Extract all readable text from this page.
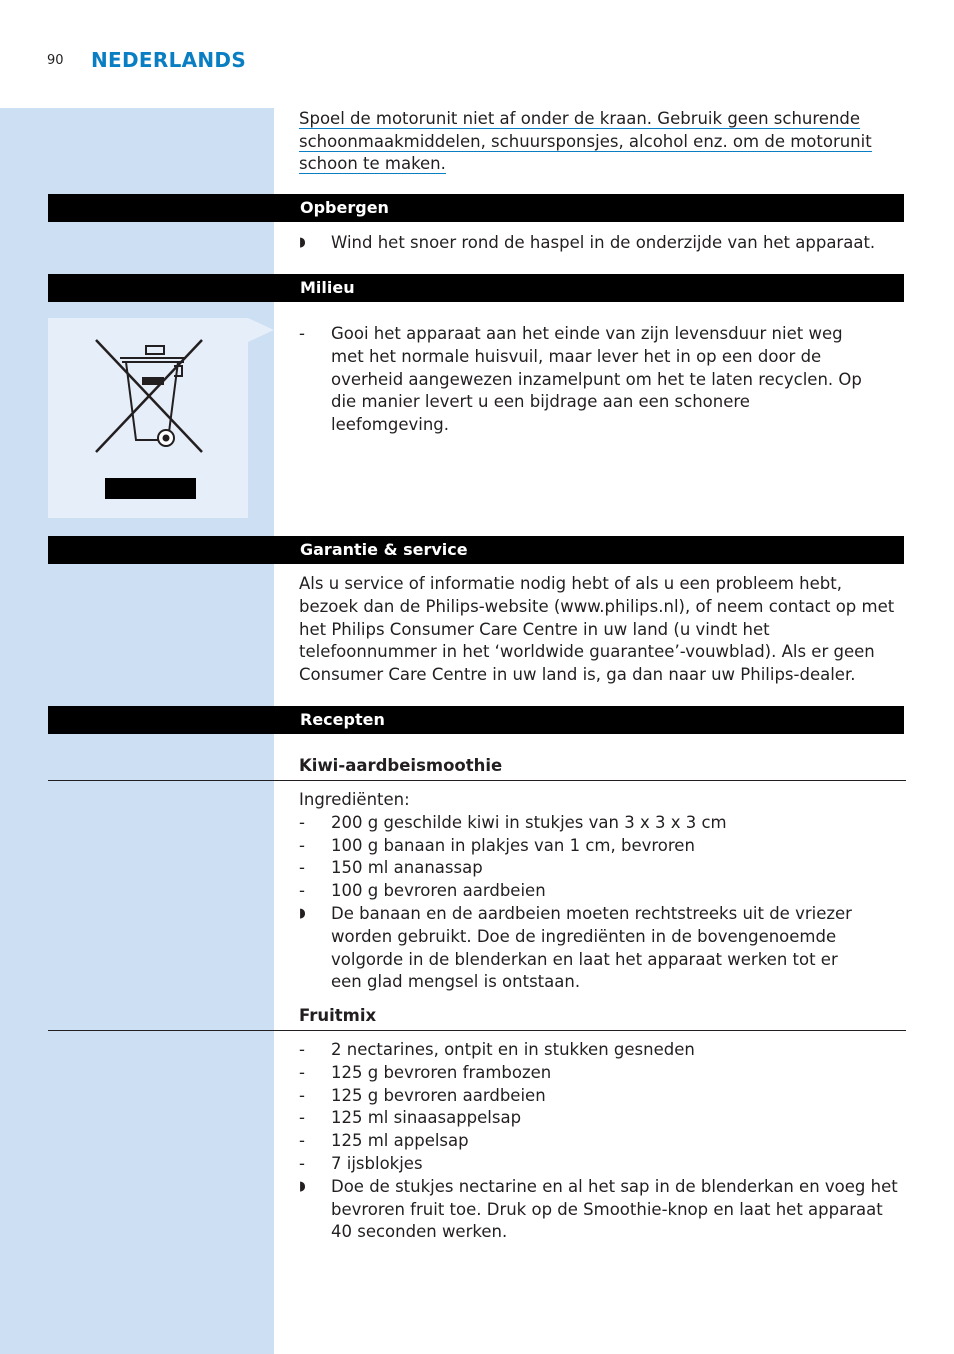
90 NEDERLANDS
Spoel de motorunit niet af onder de kraan. Gebruik geen schurende schoonmaakmiddelen, schuursponsjes, alcohol enz. om de motorunit schoon te maken.
Opbergen
◗ Wind het snoer rond de haspel in de onderzijde van het apparaat.
Milieu
- Gooi het apparaat aan het einde van zijn levensduur niet weg met het normale huisvuil, maar lever het in op een door de overheid aangewezen inzamelpunt om het te laten recyclen. Op die manier levert u een bijdrage aan een schonere leefomgeving.
Garantie & service
Als u service of informatie nodig hebt of als u een probleem hebt, bezoek dan de Philips-website (www.philips.nl), of neem contact op met het Philips Consumer Care Centre in uw land (u vindt het telefoonnummer in het ‘worldwide guarantee’-vouwblad). Als er geen Consumer Care Centre in uw land is, ga dan naar uw Philips-dealer.
Recepten
Kiwi-aardbeismoothie
Ingrediënten:
- 200 g geschilde kiwi in stukjes van 3 x 3 x 3 cm
- 100 g banaan in plakjes van 1 cm, bevroren
- 150 ml ananassap
- 100 g bevroren aardbeien
◗ De banaan en de aardbeien moeten rechtstreeks uit de vriezer worden gebruikt. Doe de ingrediënten in de bovengenoemde volgorde in de blenderkan en laat het apparaat werken tot er een glad mengsel is ontstaan.
Fruitmix
- 2 nectarines, ontpit en in stukken gesneden
- 125 g bevroren frambozen
- 125 g bevroren aardbeien
- 125 ml sinaasappelsap
- 125 ml appelsap
- 7 ijsblokjes
◗ Doe de stukjes nectarine en al het sap in de blenderkan en voeg het bevroren fruit toe. Druk op de Smoothie-knop en laat het apparaat 40 seconden werken.
